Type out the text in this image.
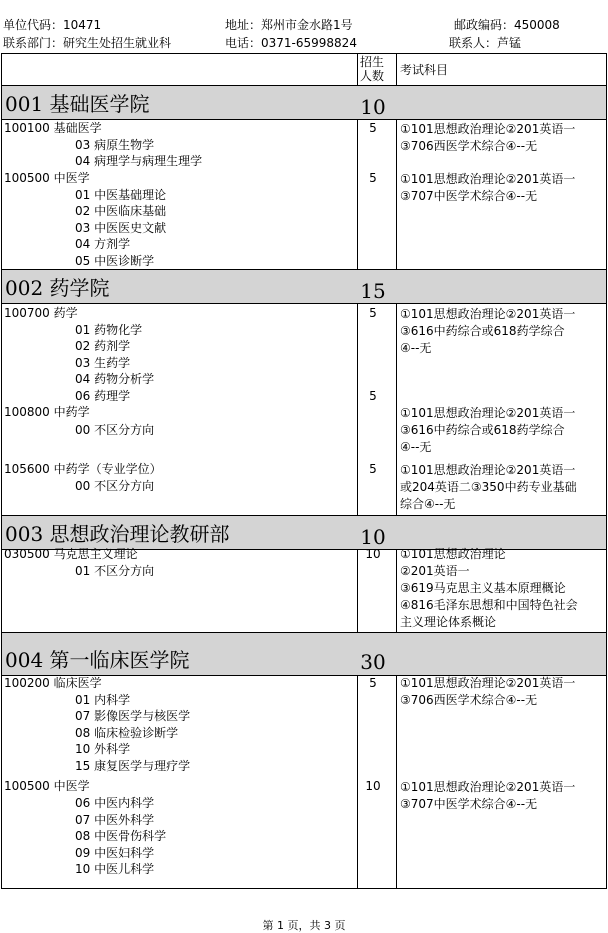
单位代码：10471	地址：郑州市金水路1号	邮政编码：450008
联系部门：研究生处招生就业科	电话：0371-65998824	联系人：芦锰
招生
人数 考试科目
001 基础医学院	10
100100 基础医学	5	①101思想政治理论②201英语一
③706西医学术综合④--无
03 病原生物学
04 病理学与病理生理学
100500 中医学	5	①101思想政治理论②201英语一
③707中医学术综合④--无
01 中医基础理论
02 中医临床基础
03 中医医史文献
04 方剂学
05 中医诊断学
002 药学院	15
100700 药学	5	①101思想政治理论②201英语一
③616中药综合或618药学综合
④--无
01 药物化学
02 药剂学
03 生药学
04 药物分析学
06 药理学	5
100800 中药学	①101思想政治理论②201英语一
③616中药综合或618药学综合
④--无
00 不区分方向
105600 中药学（专业学位）	5	①101思想政治理论②201英语一
或204英语二③350中药专业基础
综合④--无
00 不区分方向
003 思想政治理论教研部	10
030500 马克思主义理论	10	①101思想政治理论
②201英语一
③619马克思主义基本原理概论
④816毛泽东思想和中国特色社会
主义理论体系概论
01 不区分方向
004 第一临床医学院	30
100200 临床医学	5	①101思想政治理论②201英语一
③706西医学术综合④--无
01 内科学
07 影像医学与核医学
08 临床检验诊断学
10 外科学
15 康复医学与理疗学
100500 中医学	10	①101思想政治理论②201英语一
③707中医学术综合④--无
06 中医内科学
07 中医外科学
08 中医骨伤科学
09 中医妇科学
10 中医儿科学
第 1 页，共 3 页
